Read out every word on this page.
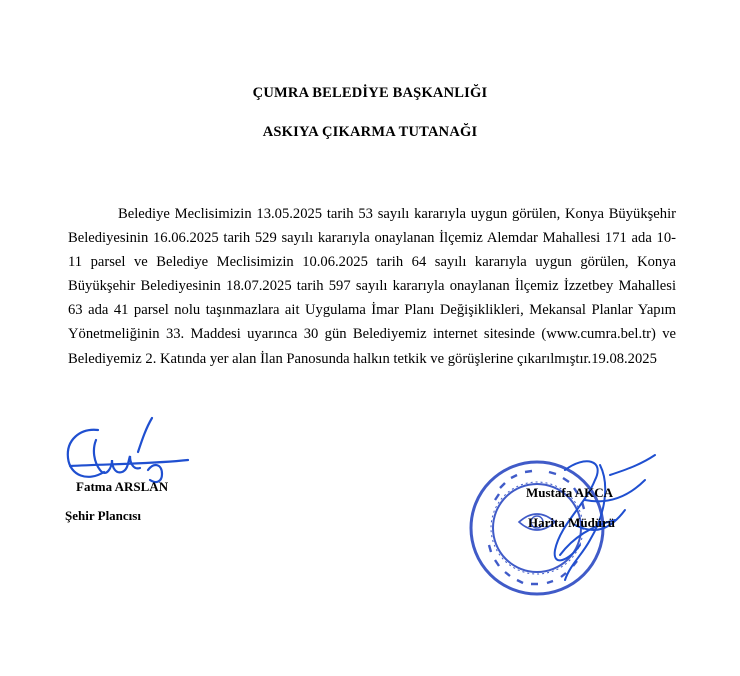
ÇUMRA BELEDİYE BAŞKANLIĞI
ASKIYA ÇIKARMA TUTANAĞI

Belediye Meclisimizin 13.05.2025 tarih 53 sayılı kararıyla uygun görülen, Konya Büyükşehir Belediyesinin 16.06.2025 tarih 529 sayılı kararıyla onaylanan İlçemiz Alemdar Mahallesi 171 ada 10-11 parsel ve Belediye Meclisimizin 10.06.2025 tarih 64 sayılı kararıyla uygun görülen, Konya Büyükşehir Belediyesinin 18.07.2025 tarih 597 sayılı kararıyla onaylanan İlçemiz İzzetbey Mahallesi 63 ada 41 parsel nolu taşınmazlara ait Uygulama İmar Planı Değişiklikleri, Mekansal Planlar Yapım Yönetmeliğinin 33. Maddesi uyarınca 30 gün Belediyemiz internet sitesinde (www.cumra.bel.tr) ve Belediyemiz 2. Katında yer alan İlan Panosunda halkın tetkik ve görüşlerine çıkarılmıştır.19.08.2025

Fatma ARSLAN
Şehir Plancısı
Mustafa AKCA
Harita Müdürü
